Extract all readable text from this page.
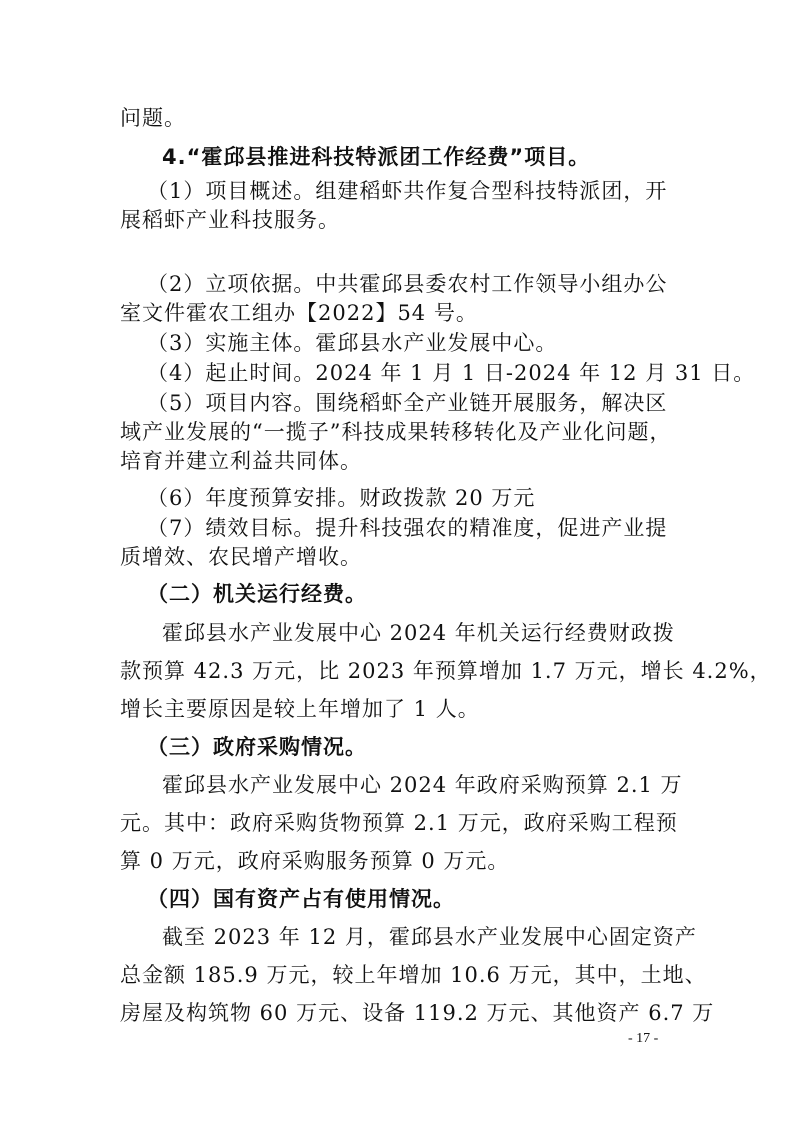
问题。
4.“霍邱县推进科技特派团工作经费”项目。
（1）项目概述。组建稻虾共作复合型科技特派团，开
展稻虾产业科技服务。
（2）立项依据。中共霍邱县委农村工作领导小组办公
室文件霍农工组办【2022】54 号。
（3）实施主体。霍邱县水产业发展中心。
（4）起止时间。2024 年 1 月 1 日-2024 年 12 月 31 日。
（5）项目内容。围绕稻虾全产业链开展服务，解决区
域产业发展的“一揽子”科技成果转移转化及产业化问题，
培育并建立利益共同体。
（6）年度预算安排。财政拨款 20 万元
（7）绩效目标。提升科技强农的精准度，促进产业提
质增效、农民增产增收。
（二）机关运行经费。
霍邱县水产业发展中心 2024 年机关运行经费财政拨
款预算 42.3 万元，比 2023 年预算增加 1.7 万元，增长 4.2%，
增长主要原因是较上年增加了 1 人。
（三）政府采购情况。
霍邱县水产业发展中心 2024 年政府采购预算 2.1 万
元。其中：政府采购货物预算 2.1 万元，政府采购工程预
算 0 万元，政府采购服务预算 0 万元。
（四）国有资产占有使用情况。
截至 2023 年 12 月，霍邱县水产业发展中心固定资产
总金额 185.9 万元，较上年增加 10.6 万元，其中，土地、
房屋及构筑物 60 万元、设备 119.2 万元、其他资产 6.7 万
- 17 -
